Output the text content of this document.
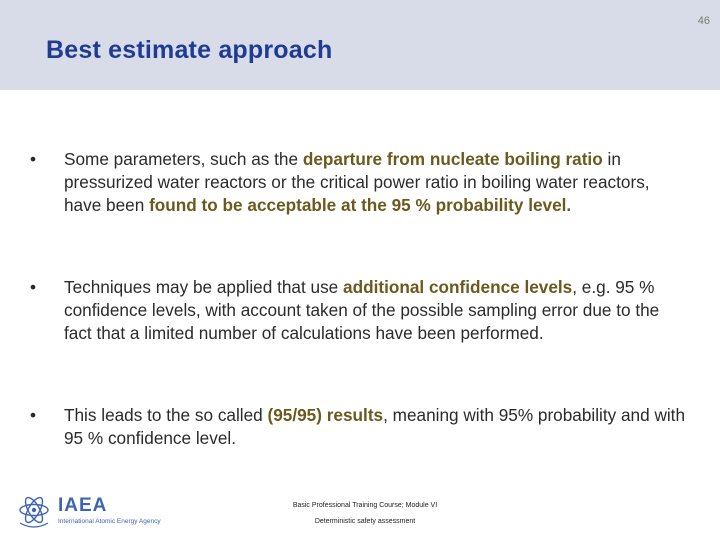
46
Best estimate approach
•	Some parameters, such as the departure from nucleate boiling ratio in pressurized water reactors or the critical power ratio in boiling water reactors, have been found to be acceptable at the 95 % probability level.
•	Techniques may be applied that use additional confidence levels, e.g. 95 % confidence levels, with account taken of the possible sampling error due to the fact that a limited number of calculations have been performed.
•	This leads to the so called (95/95) results, meaning with 95% probability and with 95 % confidence level.
IAEA
International Atomic Energy Agency
Basic Professional Training Course; Module VI
Deterministic safety assessment
